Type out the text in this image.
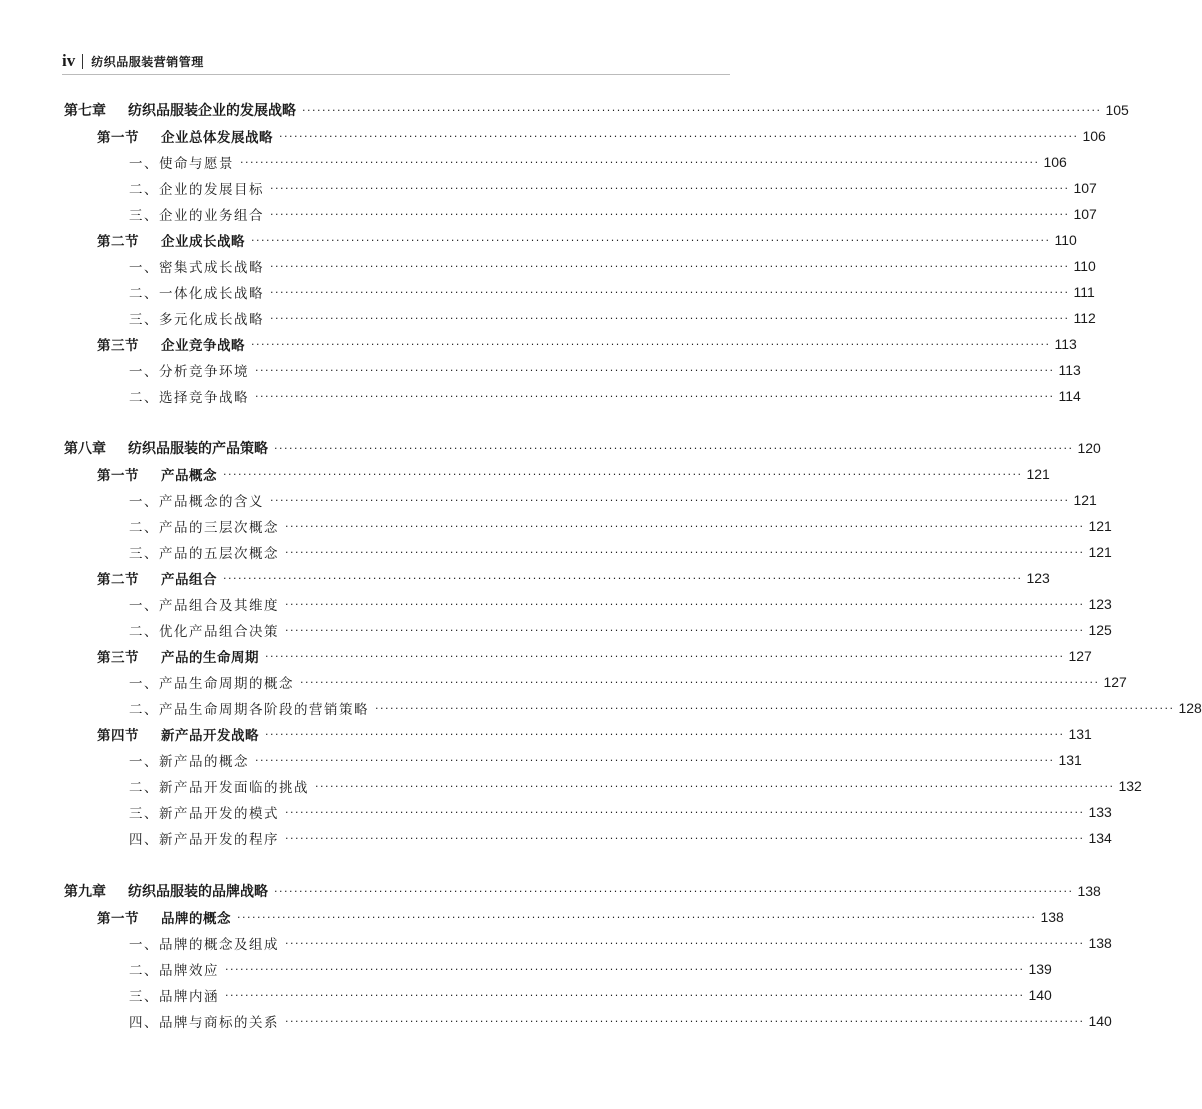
iv 纺织品服装营销管理
第七章 纺织品服装企业的发展战略 ································································································································································ 105
第一节 企业总体发展战略 ································································································································································ 106
一、使命与愿景 ································································································································································ 106
二、企业的发展目标 ································································································································································ 107
三、企业的业务组合 ································································································································································ 107
第二节 企业成长战略 ································································································································································ 110
一、密集式成长战略 ································································································································································ 110
二、一体化成长战略 ································································································································································ 111
三、多元化成长战略 ································································································································································ 112
第三节 企业竞争战略 ································································································································································ 113
一、分析竞争环境 ································································································································································ 113
二、选择竞争战略 ································································································································································ 114
第八章 纺织品服装的产品策略 ································································································································································ 120
第一节 产品概念 ································································································································································ 121
一、产品概念的含义 ································································································································································ 121
二、产品的三层次概念 ································································································································································ 121
三、产品的五层次概念 ································································································································································ 121
第二节 产品组合 ································································································································································ 123
一、产品组合及其维度 ································································································································································ 123
二、优化产品组合决策 ································································································································································ 125
第三节 产品的生命周期 ································································································································································ 127
一、产品生命周期的概念 ································································································································································ 127
二、产品生命周期各阶段的营销策略 ································································································································································ 128
第四节 新产品开发战略 ································································································································································ 131
一、新产品的概念 ································································································································································ 131
二、新产品开发面临的挑战 ································································································································································ 132
三、新产品开发的模式 ································································································································································ 133
四、新产品开发的程序 ································································································································································ 134
第九章 纺织品服装的品牌战略 ································································································································································ 138
第一节 品牌的概念 ································································································································································ 138
一、品牌的概念及组成 ································································································································································ 138
二、品牌效应 ································································································································································ 139
三、品牌内涵 ································································································································································ 140
四、品牌与商标的关系 ································································································································································ 140
